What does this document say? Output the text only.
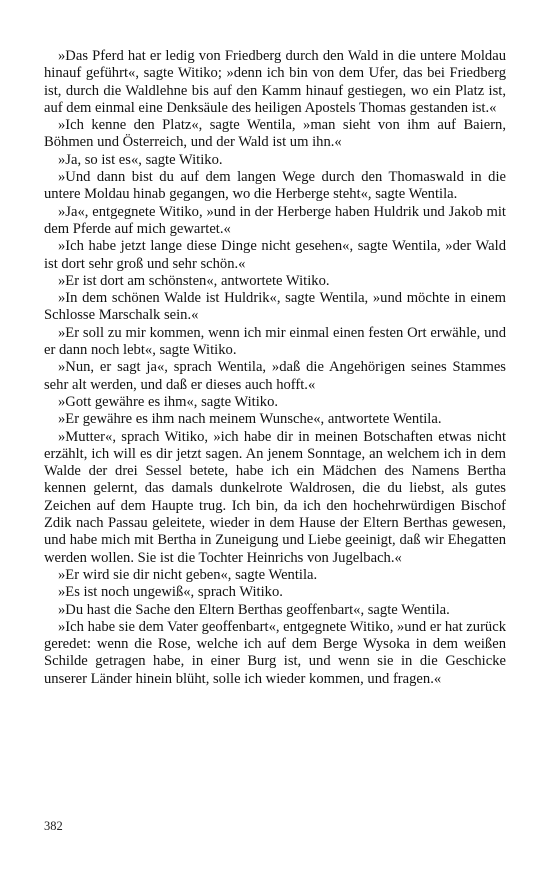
»Das Pferd hat er ledig von Friedberg durch den Wald in die untere Moldau hinauf geführt«, sagte Witiko; »denn ich bin von dem Ufer, das bei Friedberg ist, durch die Waldlehne bis auf den Kamm hinauf gestiegen, wo ein Platz ist, auf dem einmal eine Denksäule des heiligen Apostels Thomas gestanden ist.«

»Ich kenne den Platz«, sagte Wentila, »man sieht von ihm auf Baiern, Böhmen und Österreich, und der Wald ist um ihn.«

»Ja, so ist es«, sagte Witiko.

»Und dann bist du auf dem langen Wege durch den Thomaswald in die untere Moldau hinab gegangen, wo die Herberge steht«, sagte Wentila.

»Ja«, entgegnete Witiko, »und in der Herberge haben Huldrik und Jakob mit dem Pferde auf mich gewartet.«

»Ich habe jetzt lange diese Dinge nicht gesehen«, sagte Wentila, »der Wald ist dort sehr groß und sehr schön.«

»Er ist dort am schönsten«, antwortete Witiko.

»In dem schönen Walde ist Huldrik«, sagte Wentila, »und möchte in einem Schlosse Marschalk sein.«

»Er soll zu mir kommen, wenn ich mir einmal einen festen Ort erwähle, und er dann noch lebt«, sagte Witiko.

»Nun, er sagt ja«, sprach Wentila, »daß die Angehörigen seines Stammes sehr alt werden, und daß er dieses auch hofft.«

»Gott gewähre es ihm«, sagte Witiko.

»Er gewähre es ihm nach meinem Wunsche«, antwortete Wentila.

»Mutter«, sprach Witiko, »ich habe dir in meinen Botschaften etwas nicht erzählt, ich will es dir jetzt sagen. An jenem Sonntage, an welchem ich in dem Walde der drei Sessel betete, habe ich ein Mädchen des Namens Bertha kennen gelernt, das damals dunkelrote Waldrosen, die du liebst, als gutes Zeichen auf dem Haupte trug. Ich bin, da ich den hochehrwürdigen Bischof Zdik nach Passau geleitete, wieder in dem Hause der Eltern Berthas gewesen, und habe mich mit Bertha in Zuneigung und Liebe geeinigt, daß wir Ehegatten werden wollen. Sie ist die Tochter Heinrichs von Jugelbach.«

»Er wird sie dir nicht geben«, sagte Wentila.

»Es ist noch ungewiß«, sprach Witiko.

»Du hast die Sache den Eltern Berthas geoffenbart«, sagte Wentila.

»Ich habe sie dem Vater geoffenbart«, entgegnete Witiko, »und er hat zurück geredet: wenn die Rose, welche ich auf dem Berge Wysoka in dem weißen Schilde getragen habe, in einer Burg ist, und wenn sie in die Geschicke unserer Länder hinein blüht, solle ich wieder kommen, und fragen.«

382
